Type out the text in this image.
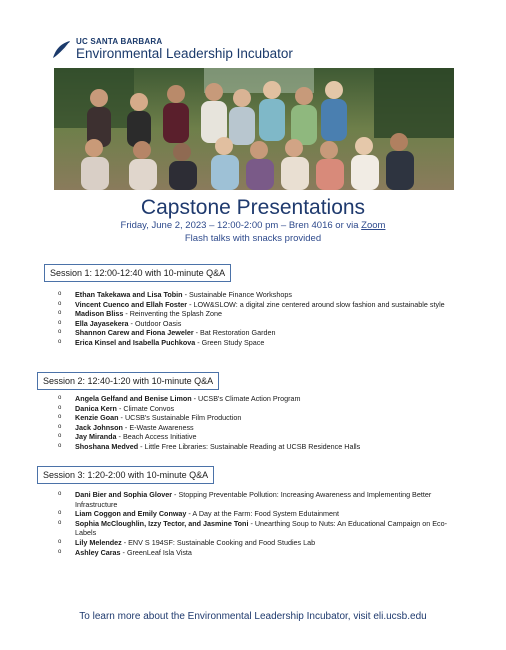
UC SANTA BARBARA
Environmental Leadership Incubator
Capstone Presentations
Friday, June 2, 2023 – 12:00-2:00 pm – Bren 4016 or via Zoom
Flash talks with snacks provided
Session 1: 12:00-12:40 with 10-minute Q&A
o Ethan Takekawa and Lisa Tobin - Sustainable Finance Workshops
o Vincent Cuenco and Ellah Foster - LOW&SLOW: a digital zine centered around slow fashion and sustainable style
o Madison Bliss - Reinventing the Splash Zone
o Ella Jayasekera - Outdoor Oasis
o Shannon Carew and Fiona Jeweler - Bat Restoration Garden
o Erica Kinsel and Isabella Puchkova - Green Study Space
Session 2: 12:40-1:20 with 10-minute Q&A
o Angela Gelfand and Benise Limon - UCSB's Climate Action Program
o Danica Kern - Climate Convos
o Kenzie Goan - UCSB's Sustainable Film Production
o Jack Johnson - E-Waste Awareness
o Jay Miranda - Beach Access Initiative
o Shoshana Medved - Little Free Libraries: Sustainable Reading at UCSB Residence Halls
Session 3: 1:20-2:00 with 10-minute Q&A
o Dani Bier and Sophia Glover - Stopping Preventable Pollution: Increasing Awareness and Implementing Better Infrastructure
o Liam Coggon and Emily Conway - A Day at the Farm: Food System Edutainment
o Sophia McCloughlin, Izzy Tector, and Jasmine Toni - Unearthing Soup to Nuts: An Educational Campaign on Eco-Labels
o Lily Melendez - ENV S 194SF: Sustainable Cooking and Food Studies Lab
o Ashley Caras - GreenLeaf Isla Vista
To learn more about the Environmental Leadership Incubator, visit eli.ucsb.edu
